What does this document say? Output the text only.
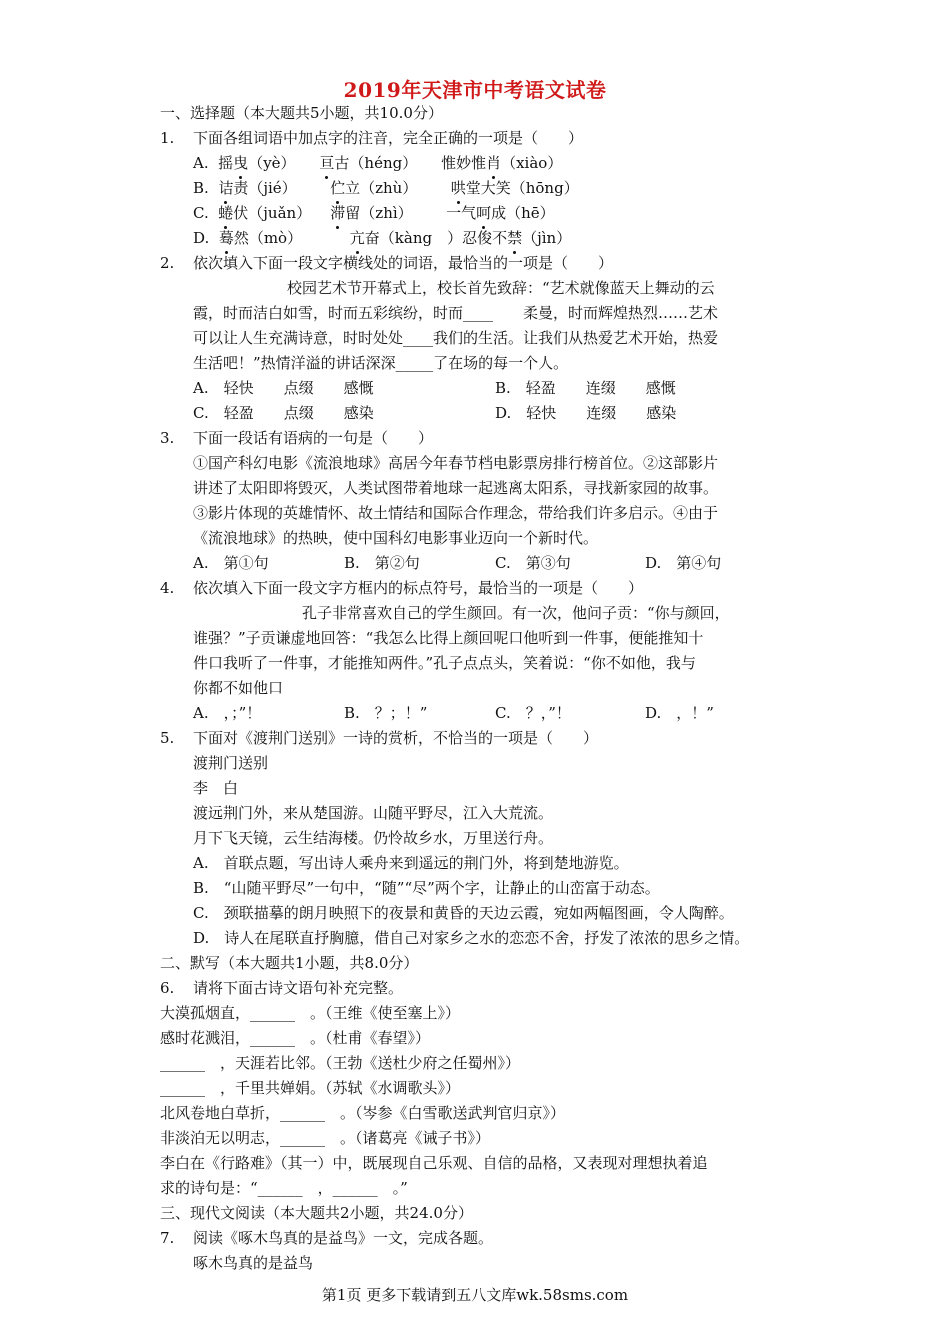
2019年天津市中考语文试卷
一、选择题（本大题共5小题，共10.0分）
1. 下面各组词语中加点字的注音，完全正确的一项是（　　）
A. 摇曳（yè） 亘古（héng） 惟妙惟肖（xiào）
B. 诘责（jié） 伫立（zhù） 哄堂大笑（hōng）
C. 蜷伏（juǎn） 滞留（zhì） 一气呵成（hē）
D. 蓦然（mò）	亢奋（kàng　）忍俊不禁（jìn）
2. 依次填入下面一段文字横线处的词语，最恰当的一项是（　　）
校园艺术节开幕式上，校长首先致辞：“艺术就像蓝天上舞动的云
霞，时而洁白如雪，时而五彩缤纷，时而____　　柔曼，时而辉煌热烈……艺术
可以让人生充满诗意，时时处处____我们的生活。让我们从热爱艺术开始，热爱
生活吧！”热情洋溢的讲话深深_____了在场的每一个人。
A.　轻快　　点缀　　感慨	B.　轻盈　　连缀　　感慨
C.　轻盈　　点缀　　感染	D.　轻快　　连缀　　感染
3. 下面一段话有语病的一句是（　　）
①国产科幻电影《流浪地球》高居今年春节档电影票房排行榜首位。②这部影片
讲述了太阳即将毁灭，人类试图带着地球一起逃离太阳系，寻找新家园的故事。
③影片体现的英雄情怀、故土情结和国际合作理念，带给我们许多启示。④由于
《流浪地球》的热映，使中国科幻电影事业迈向一个新时代。
A.　第①句	B.　第②句	C.　第③句	D.　第④句
4. 依次填入下面一段文字方框内的标点符号，最恰当的一项是（　　）
孔子非常喜欢自己的学生颜回。有一次，他问子贡：“你与颜回，
谁强？”子贡谦虚地回答：“我怎么比得上颜回呢口他听到一件事，便能推知十
件口我听了一件事，才能推知两件。”孔子点点头，笑着说：“你不如他，我与
你都不如他口
A.　，；”！	B.　？；！”	C.　？，”！	D.　，！”
5. 下面对《渡荆门送别》一诗的赏析，不恰当的一项是（　　）
渡荆门送别
李　白
渡远荆门外，来从楚国游。山随平野尽，江入大荒流。
月下飞天镜，云生结海楼。仍怜故乡水，万里送行舟。
A.　首联点题，写出诗人乘舟来到遥远的荆门外，将到楚地游览。
B.　“山随平野尽”一句中，“随”“尽”两个字，让静止的山峦富于动态。
C.　颈联描摹的朗月映照下的夜景和黄昏的天边云霞，宛如两幅图画，令人陶醉。
D.　诗人在尾联直抒胸臆，借自己对家乡之水的恋恋不舍，抒发了浓浓的思乡之情。
二、默写（本大题共1小题，共8.0分）
6. 请将下面古诗文语句补充完整。
大漠孤烟直，______　。（王维《使至塞上》）
感时花溅泪，______　。（杜甫《春望》）
______　，天涯若比邻。（王勃《送杜少府之任蜀州》）
______　，千里共婵娟。（苏轼《水调歌头》）
北风卷地白草折，______　。（岑参《白雪歌送武判官归京》）
非淡泊无以明志，______　。（诸葛亮《诫子书》）
李白在《行路难》（其一）中，既展现自己乐观、自信的品格，又表现对理想执着追
求的诗句是：“______　，______　。”
三、现代文阅读（本大题共2小题，共24.0分）
7. 阅读《啄木鸟真的是益鸟》一文，完成各题。
啄木鸟真的是益鸟
第1页 更多下载请到五八文库wk.58sms.com
